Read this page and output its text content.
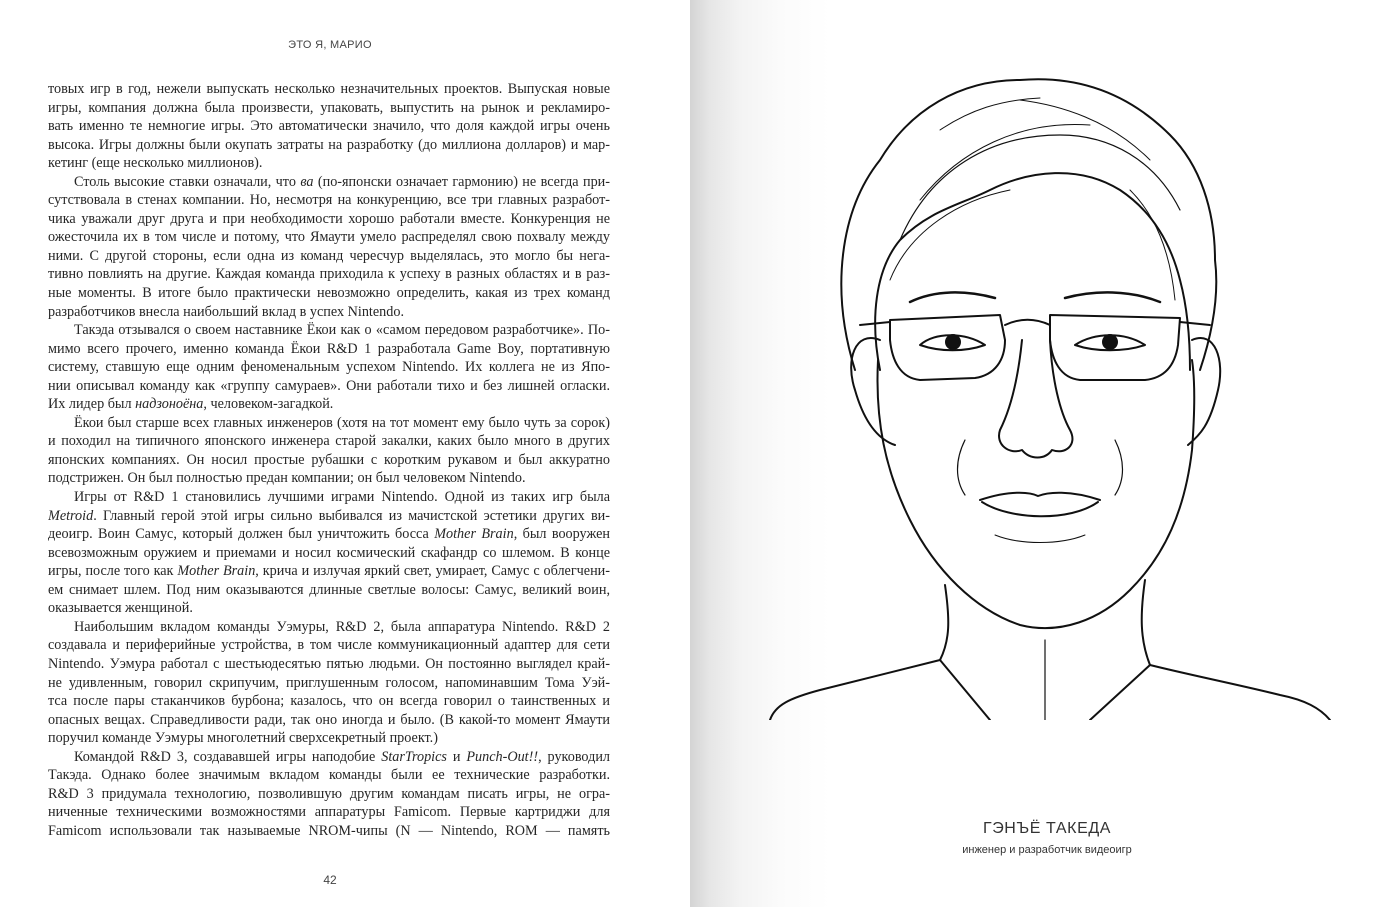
ЭТО Я, МАРИО
товых игр в год, нежели выпускать несколько незначительных проектов. Выпуская новые
игры, компания должна была произвести, упаковать, выпустить на рынок и рекламиро-
вать именно те немногие игры. Это автоматически значило, что доля каждой игры очень
высока. Игры должны были окупать затраты на разработку (до миллиона долларов) и мар-
кетинг (еще несколько миллионов).
Столь высокие ставки означали, что ва (по-японски означает гармонию) не всегда при-
сутствовала в стенах компании. Но, несмотря на конкуренцию, все три главных разработ-
чика уважали друг друга и при необходимости хорошо работали вместе. Конкуренция не
ожесточила их в том числе и потому, что Ямаути умело распределял свою похвалу между
ними. С другой стороны, если одна из команд чересчур выделялась, это могло бы нега-
тивно повлиять на другие. Каждая команда приходила к успеху в разных областях и в раз-
ные моменты. В итоге было практически невозможно определить, какая из трех команд
разработчиков внесла наибольший вклад в успех Nintendo.
Такэда отзывался о своем наставнике Ёкои как о «самом передовом разработчике». По-
мимо всего прочего, именно команда Ёкои R&D 1 разработала Game Boy, портативную
систему, ставшую еще одним феноменальным успехом Nintendo. Их коллега не из Япо-
нии описывал команду как «группу самураев». Они работали тихо и без лишней огласки.
Их лидер был надзоноёна, человеком-загадкой.
Ёкои был старше всех главных инженеров (хотя на тот момент ему было чуть за сорок)
и походил на типичного японского инженера старой закалки, каких было много в других
японских компаниях. Он носил простые рубашки с коротким рукавом и был аккуратно
подстрижен. Он был полностью предан компании; он был человеком Nintendo.
Игры от R&D 1 становились лучшими играми Nintendo. Одной из таких игр была
Metroid. Главный герой этой игры сильно выбивался из мачистской эстетики других ви-
деоигр. Воин Самус, который должен был уничтожить босса Mother Brain, был вооружен
всевозможным оружием и приемами и носил космический скафандр со шлемом. В конце
игры, после того как Mother Brain, крича и излучая яркий свет, умирает, Самус с облегчени-
ем снимает шлем. Под ним оказываются длинные светлые волосы: Самус, великий воин,
оказывается женщиной.
Наибольшим вкладом команды Уэмуры, R&D 2, была аппаратура Nintendo. R&D 2
создавала и периферийные устройства, в том числе коммуникационный адаптер для сети
Nintendo. Уэмура работал с шестьюдесятью пятью людьми. Он постоянно выглядел край-
не удивленным, говорил скрипучим, приглушенным голосом, напоминавшим Тома Уэй-
тса после пары стаканчиков бурбона; казалось, что он всегда говорил о таинственных и
опасных вещах. Справедливости ради, так оно иногда и было. (В какой-то момент Ямаути
поручил команде Уэмуры многолетний сверхсекретный проект.)
Командой R&D 3, создававшей игры наподобие StarTropics и Punch-Out!!, руководил
Такэда. Однако более значимым вкладом команды были ее технические разработки.
R&D 3 придумала технологию, позволившую другим командам писать игры, не огра-
ниченные техническими возможностями аппаратуры Famicom. Первые картриджи для
Famicom использовали так называемые NROM-чипы (N — Nintendo, ROM — память
42
ГЭНЪЁ ТАКЕДА
инженер и разработчик видеоигр
